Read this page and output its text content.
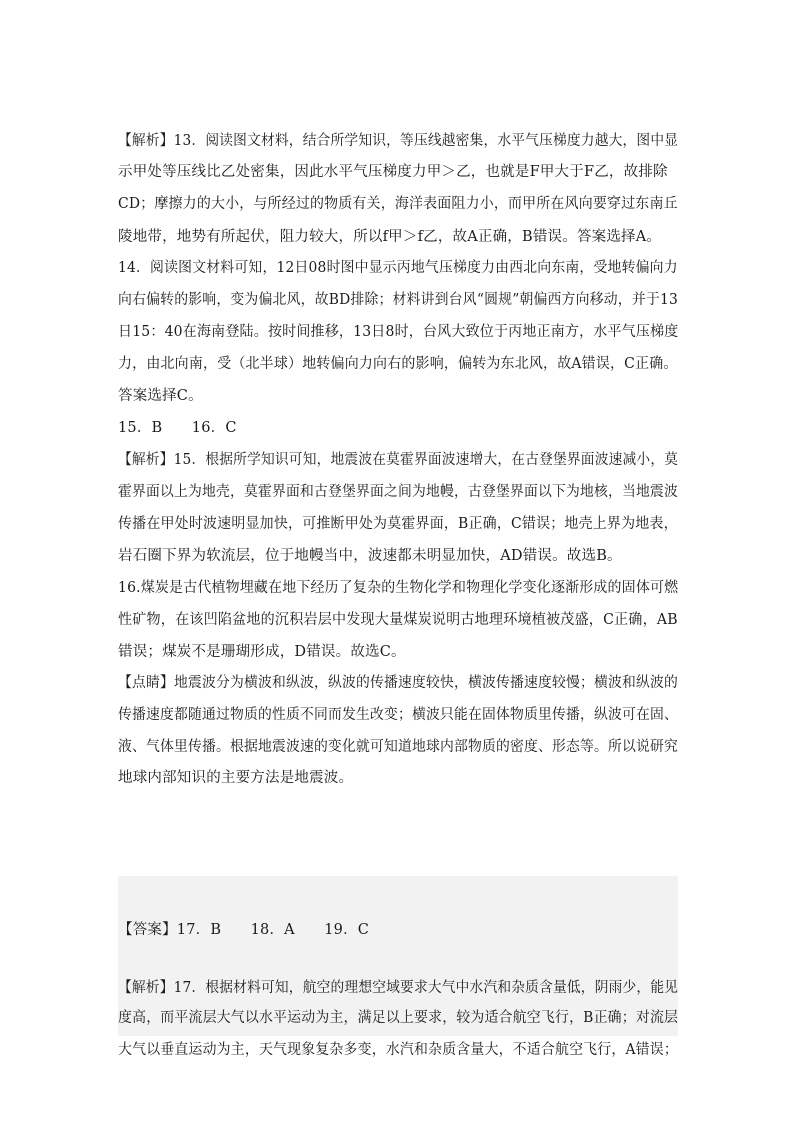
【解析】13．阅读图文材料，结合所学知识，等压线越密集，水平气压梯度力越大，图中显
示甲处等压线比乙处密集，因此水平气压梯度力甲＞乙，也就是F甲大于F乙，故排除
CD；摩擦力的大小，与所经过的物质有关，海洋表面阻力小，而甲所在风向要穿过东南丘
陵地带，地势有所起伏，阻力较大，所以f甲＞f乙，故A正确，B错误。答案选择A。
14．阅读图文材料可知，12日08时图中显示丙地气压梯度力由西北向东南，受地转偏向力
向右偏转的影响，变为偏北风，故BD排除；材料讲到台风“圆规”朝偏西方向移动，并于13
日15：40在海南登陆。按时间推移，13日8时，台风大致位于丙地正南方，水平气压梯度
力，由北向南，受（北半球）地转偏向力向右的影响，偏转为东北风，故A错误，C正确。
答案选择C。
15．B　　16．C
【解析】15．根据所学知识可知，地震波在莫霍界面波速增大，在古登堡界面波速减小，莫
霍界面以上为地壳，莫霍界面和古登堡界面之间为地幔，古登堡界面以下为地核，当地震波
传播在甲处时波速明显加快，可推断甲处为莫霍界面，B正确，C错误；地壳上界为地表，
岩石圈下界为软流层，位于地幔当中，波速都未明显加快，AD错误。故选B。
16.煤炭是古代植物埋藏在地下经历了复杂的生物化学和物理化学变化逐渐形成的固体可燃
性矿物，在该凹陷盆地的沉积岩层中发现大量煤炭说明古地理环境植被茂盛，C正确，AB
错误；煤炭不是珊瑚形成，D错误。故选C。
【点睛】地震波分为横波和纵波，纵波的传播速度较快，横波传播速度较慢；横波和纵波的
传播速度都随通过物质的性质不同而发生改变；横波只能在固体物质里传播，纵波可在固、
液、气体里传播。根据地震波速的变化就可知道地球内部物质的密度、形态等。所以说研究
地球内部知识的主要方法是地震波。
【答案】17．B　　18．A　　19．C
【解析】17．根据材料可知，航空的理想空域要求大气中水汽和杂质含量低，阴雨少，能见
度高，而平流层大气以水平运动为主，满足以上要求，较为适合航空飞行，B正确；对流层
大气以垂直运动为主，天气现象复杂多变，水汽和杂质含量大，不适合航空飞行，A错误；
